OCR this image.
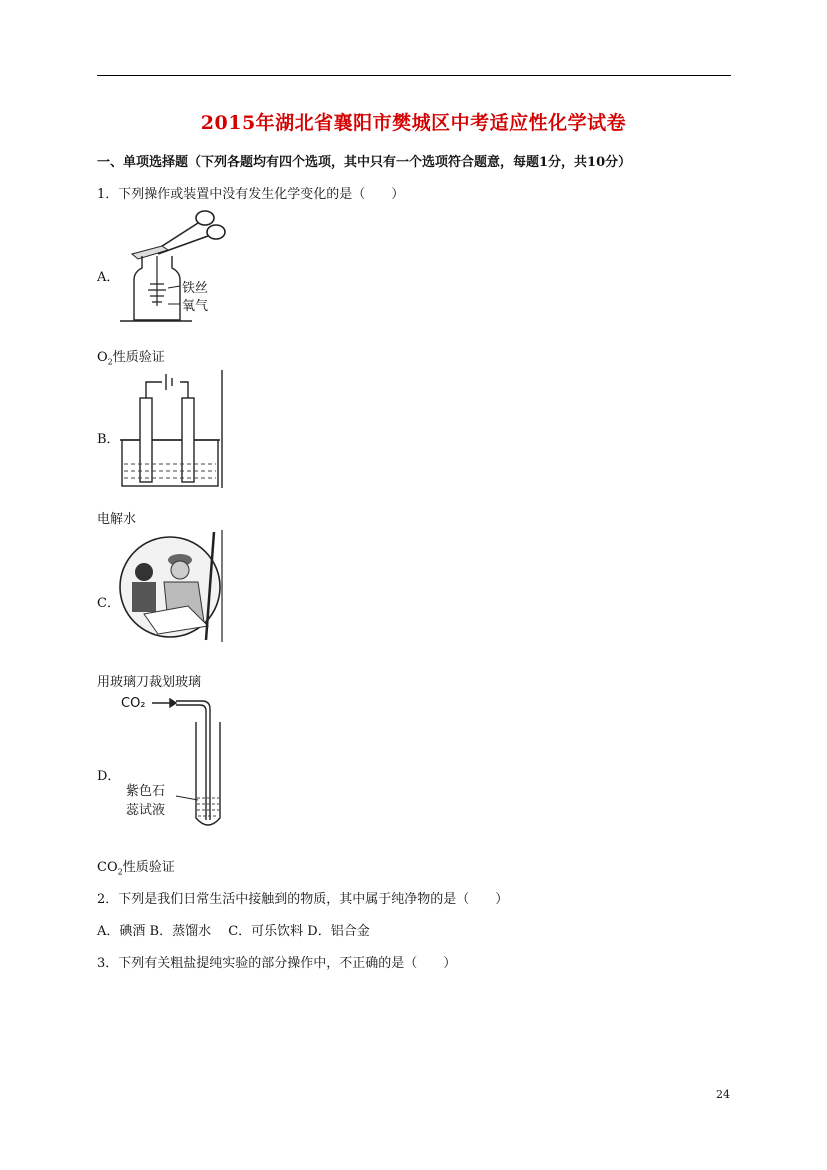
2015年湖北省襄阳市樊城区中考适应性化学试卷
一、单项选择题（下列各题均有四个选项，其中只有一个选项符合题意，每题1分，共10分）
1．下列操作或装置中没有发生化学变化的是（　　）
A．
铁丝
氧气
$O_2$性质验证
B．
电解水
C．
用玻璃刀裁划玻璃
D．
CO₂
紫色石
蕊试液
$CO_2$性质验证
2．下列是我们日常生活中接触到的物质，其中属于纯净物的是（　　）
A．碘酒 B．蒸馏水　 C．可乐饮料 D．铝合金
3．下列有关粗盐提纯实验的部分操作中，不正确的是（　　）
24
